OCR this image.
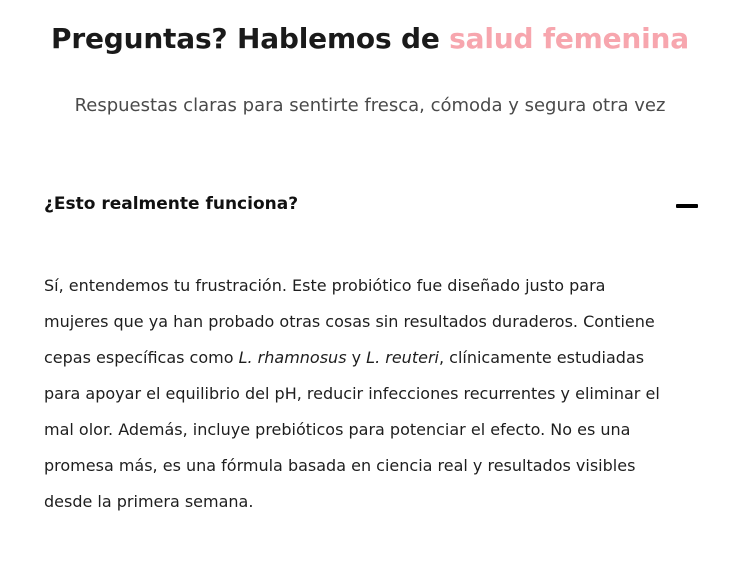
Preguntas? Hablemos de salud femenina

Respuestas claras para sentirte fresca, cómoda y segura otra vez

¿Esto realmente funciona?

Sí, entendemos tu frustración. Este probiótico fue diseñado justo para mujeres que ya han probado otras cosas sin resultados duraderos. Contiene cepas específicas como L. rhamnosus y L. reuteri, clínicamente estudiadas para apoyar el equilibrio del pH, reducir infecciones recurrentes y eliminar el mal olor. Además, incluye prebióticos para potenciar el efecto. No es una promesa más, es una fórmula basada en ciencia real y resultados visibles desde la primera semana.
